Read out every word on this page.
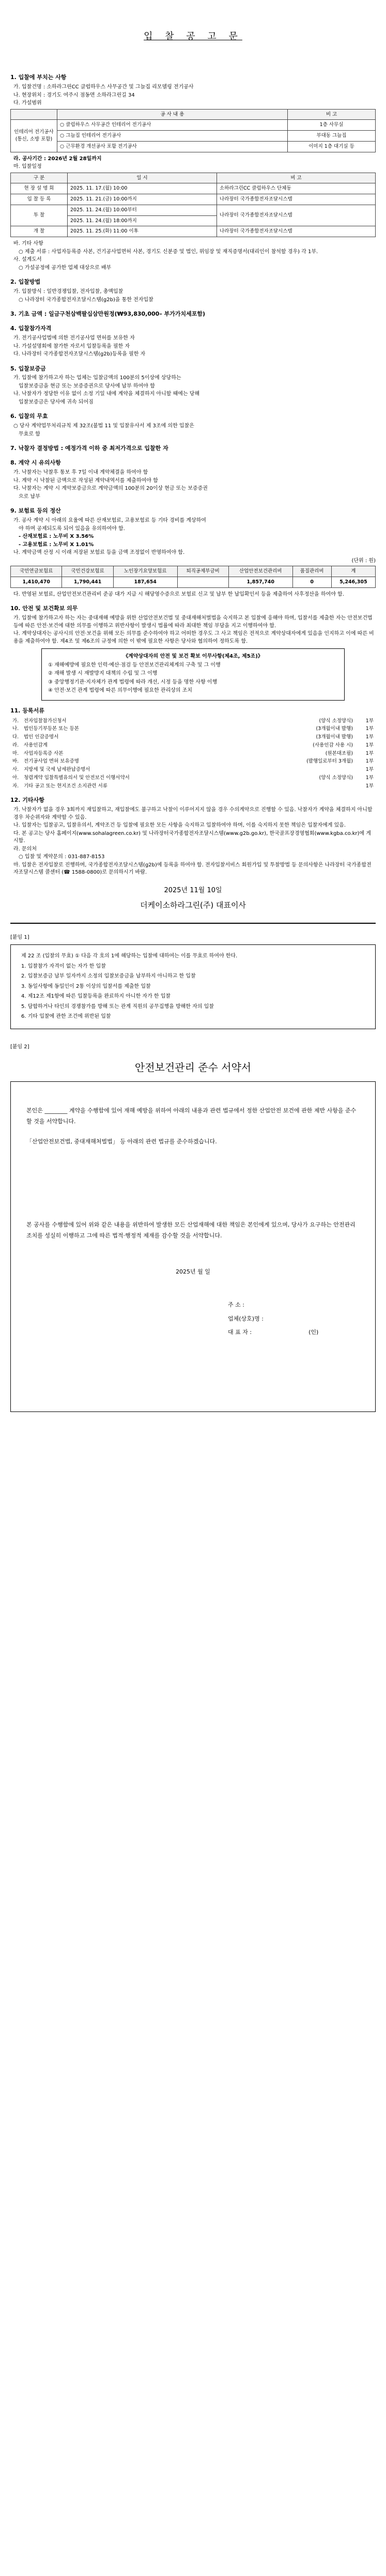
입 찰 공 고 문
1. 입찰에 부치는 사항
가. 입찰건명 : 소하라그린CC 클럽하우스 사무공간 및 그늘집 리모델링 전기공사
나. 현장위치 : 경기도 여주시 점동면 소하라그린길 34
다. 가설범위
	공 사 내 용	비 고
인테리어 전기공사 (통신, 소방 포함)	○ 클럽하우스 사무공간 인테리어 전기공사	1층 사무실
	○ 그늘집 인테리어 전기공사	부대동 그늘집
	○ 근무환경 개선공사 포함 전기공사	이미지 1층 대기실 등
라. 공사기간 : 2026년 2월 28일까지
마. 입찰일정
구 분	일 시	비 고
현 장 설 명 회	2025. 11. 17.(월) 10:00	소하라그린CC 클럽하우스 단체동
입 찰 등 록	2025. 11. 21.(금) 10:00까지	나라장터 국가종합전자조달시스템
투 찰	2025. 11. 24.(월) 10:00부터	나라장터 국가종합전자조달시스템
	2025. 11. 24.(월) 18:00까지	
개 찰	2025. 11. 25.(화) 11:00 이후	나라장터 국가종합전자조달시스템
바. 기타 사항
○ 제출 서류 : 사업자등록증 사본, 건기공사업면허 사본, 경기도 신분증 및 법인, 위임장 및 재직증명서(대리인이 참석할 경우) 각 1부.
사. 설계도서
○ 가설공정에 공가한 업체 대상으로 배부
2. 입찰방법
가. 입찰방식 : 일반경쟁입찰, 전자입찰, 총액입찰
○ 나라장터 국가종합전자조달시스템(g2b)을 통한 전자입찰
3. 기초 금액 : 일금구천삼백팔십삼만원정(₩93,830,000– 부가가치세포함)
4. 입찰참가자격
가. 전기공사업법에 의한 전기공사업 면허를 보유한 자
나. 가설설명회에 참가한 자로서 입찰등록을 필한 자
다. 나라장터 국가종합전자조달시스템(g2b)등록을 필한 자
5. 입찰보증금
가. 입찰에 참가하고자 하는 업체는 입찰금액의 100분의 5이상에 상당하는
입찰보증금을 현금 또는 보증증권으로 당사에 납부 하여야 함
나. 낙찰자가 정당한 이유 없이 소정 기일 내에 계약을 체결하지 아니할 때에는 당해
입찰보증금은 당사에 귀속 되어짐
6. 입찰의 무효
○ 당사 계약업무처리규칙 제 32조(불법 11 및 입찰유사서 제 3조에 의한 입찰은
무효로 함
7. 낙찰자 결정방법 : 예정가격 이하 중 최저가격으로 입찰한 자
8. 계약 시 유의사항
가. 낙찰자는 낙찰후 통보 후 7일 이내 계약체결을 하여야 함
나. 계약 시 낙찰된 금액으로 작성된 계약내역서를 제출하여야 함
다. 낙찰자는 계약 시 계약보증금으로 계약금액의 100분의 20이상 현금 또는 보증증권
으로 납부
9. 보험료 등의 정산
가. 공사 계약 시 아래의 요율에 따른 산재보험료, 고용보험료 등 기타 경비를 계상하여
야 하며 공제되도록 되어 있음을 유의하여야 함.
- 산재보험료 : 노무비 X 3.56%
- 고용보험료 : 노무비 X 1.01%
나. 계약금액 산정 시 이래 저장된 보험료 등을 금액 조정없이 반영하여야 함.
(단위 : 원)
국민연금보험료	국민건강보험료	노인장기요양보험료	퇴직공제부금비	산업안전보건관리비	품질관리비	계
1,410,470	1,790,441	187,654		1,857,740	0	5,246,305
다. 반영된 보험료, 산업안전보건관리비 준공 대가 지급 시 해당영수증으로 보험료 신고 및 납부 한 납입확인서 등을 제출하여 사후정산을 하여야 함.
10. 안전 및 보건확보 의무
가. 입찰에 참가하고자 하는 자는 중대재해 예방을 위한 산업안전보건법 및 중대재해처벌법을 숙지하고 본 입찰에 응해야 하며, 입찰서를 제출한 자는 안전보건법 등에 따른 안전·보건에 대한 의무를 이행하고 위반사항이 발생시 법률에 따라 최대한 책임 부담을 지고 이행하여야 함.
나. 계약상대자는 공사시의 안전·보건을 위해 모든 의무를 준수하여야 하고 어떠한 경우도 그 사고 책임은 전적으로 계약상대자에게 있음을 인지하고 이에 따른 비용을 제출하여야 함. 제4조 및 제6조의 규정에 의한 이 밖에 필요한 사항은 당사와 협의하여 정하도록 함.
《계약상대자의 안전 및 보건 확보 이무사항(제4조, 제5조)》
① 재해예방에 필요한 인력·예산·점검 등 안전보건관리체계의 구축 및 그 이행
② 재해 발생 시 재발방지 대책의 수립 및 그 이행
③ 중앙행정기관·지자체가 관계 법령에 따라 개선, 시정 등을 명한 사항 이행
④ 안전·보건 관계 법령에 따른 의무이행에 필요한 관리상의 조치
11. 등록서류
가.	전자입찰참가신청서	(양식 소정양식)	1부
나.	법인등기부등본 또는 등본	(3개월이내 발행)	1부
다.	법인 인감증명서	(3개월이내 발행)	1부
라.	사용인감계	(사용인감 사용 시)	1부
마.	사업자등록증 사본	(원본대조필)	1부
바.	전기공사업 면허 보유증명	(발행일로부터 3개월)	1부
사.	지방세 및 국세 납세완납증명서		1부
아.	청렴계약 입찰특별유의서 및 안전보건 이행서약서	(양식 소정양식)	1부
자.	기타 공고 또는 현지조건 소지관련 서류		1부
12. 기타사항
가. 낙찰자가 없을 경우 3회까지 재입찰하고, 재입찰에도 불구하고 낙찰이 이루어지지 않을 경우 수의계약으로 진행할 수 있음. 낙찰자가 계약을 체결하지 아니할 경우 차순위자와 계약할 수 있음.
나. 입찰자는 입찰공고, 입찰유의서, 계약조건 등 입찰에 필요한 모든 사항을 숙지하고 입찰하여야 하며, 이를 숙지하지 못한 책임은 입찰자에게 있음.
다. 본 공고는 당사 홈페이지(www.sohalagreen.co.kr) 및 나라장터국가종합전자조달시스템(www.g2b.go.kr), 한국골프장경영협회(www.kgba.co.kr)에 게시함.
라. 문의처
○ 입찰 및 계약문의 : 031-887-8153
마. 입찰은 전자입찰로 진행하며, 국가종합전자조달시스템(g2b)에 등록을 하여야 함. 전자입찰서비스 회원가입 및 투찰방법 등 문의사항은 나라장터 국가종합전자조달시스템 콜센터 (☎ 1588-0800)로 문의하시기 바람.
2025년 11월 10일
더케이소하라그린(주) 대표이사
[붙임 1]

제 22 조 (입찰의 무효) ① 다음 각 호의 1에 해당하는 입찰에 대하여는 이를 무효로 하여야 한다.

1. 입찰참가 자격이 없는 자가 한 입찰

2. 입찰보증금 납부 일자까지 소정의 입찰보증금을 납부하지 아니하고 한 입찰

3. 동일사항에 동일인이 2통 이상의 입찰서를 제출한 입찰

4. 제12조 제1항에 따른 입찰등록을 완료하지 아니한 자가 한 입찰

5. 담합하거나 타인의 경쟁참가를 방해 또는 관계 직원의 공무집행을 방해한 자의 입찰

6. 기타 입찰에 관한 조건에 위반된 입찰

[붙임 2]
안전보건관리 준수 서약서

본인은 ________ 계약을 수행함에 있어 재해 예방을 위하여 아래의 내용과 관련 법규에서 정한 산업안전 보건에 관한 제반 사항을 준수할 것을 서약합니다.

「산업안전보건법, 중대재해처벌법」 등 아래의 관련 법규를 준수하겠습니다.

본 공사를 수행함에 있어 위와 같은 내용을 위반하여 발생한 모든 산업재해에 대한 책임은 본인에게 있으며, 당사가 요구하는 안전관리 조치를 성실히 이행하고 그에 따른 법적·행정적 제재를 감수할 것을 서약합니다.

2025년 월 일

주 소 :
업체(상호)명 :
대 표 자 :	(인)
